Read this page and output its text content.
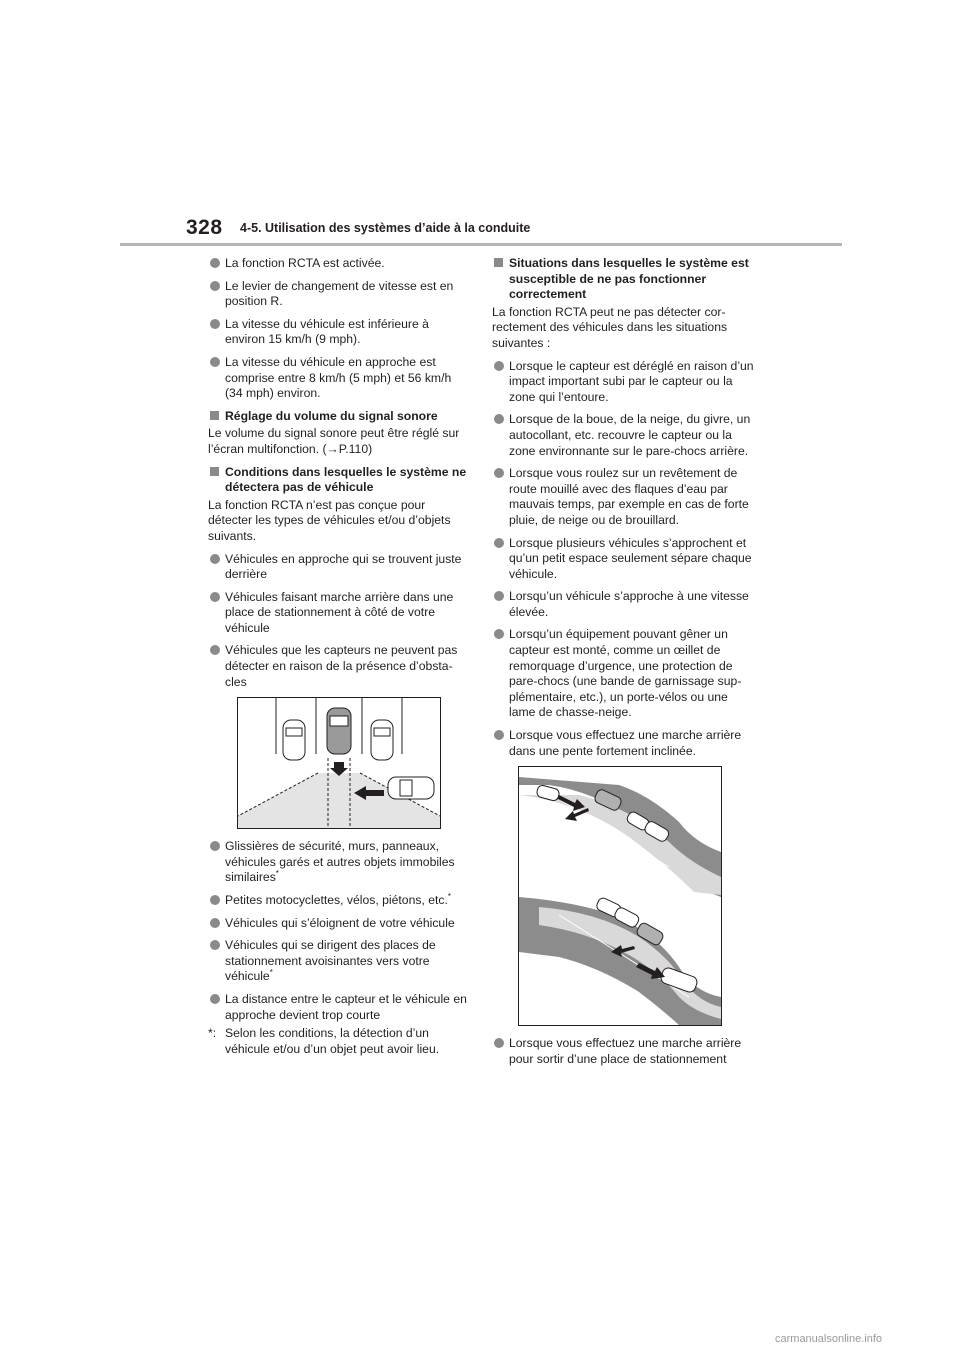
328 4-5. Utilisation des systèmes d’aide à la conduite
La fonction RCTA est activée.
Le levier de changement de vitesse est en position R.
La vitesse du véhicule est inférieure à environ 15 km/h (9 mph).
La vitesse du véhicule en approche est comprise entre 8 km/h (5 mph) et 56 km/h (34 mph) environ.
Réglage du volume du signal sonore
Le volume du signal sonore peut être réglé sur l’écran multifonction. (→P.110)
Conditions dans lesquelles le système ne détectera pas de véhicule
La fonction RCTA n’est pas conçue pour détecter les types de véhicules et/ou d’objets suivants.
Véhicules en approche qui se trouvent juste derrière
Véhicules faisant marche arrière dans une place de stationnement à côté de votre véhicule
Véhicules que les capteurs ne peuvent pas détecter en raison de la présence d’obsta-cles
Glissières de sécurité, murs, panneaux, véhicules garés et autres objets immobiles similaires*
Petites motocyclettes, vélos, piétons, etc.*
Véhicules qui s’éloignent de votre véhicule
Véhicules qui se dirigent des places de stationnement avoisinantes vers votre véhicule*
La distance entre le capteur et le véhicule en approche devient trop courte
*: Selon les conditions, la détection d’un véhicule et/ou d’un objet peut avoir lieu.
Situations dans lesquelles le système est susceptible de ne pas fonctionner correctement
La fonction RCTA peut ne pas détecter cor-rectement des véhicules dans les situations suivantes :
Lorsque le capteur est déréglé en raison d’un impact important subi par le capteur ou la zone qui l’entoure.
Lorsque de la boue, de la neige, du givre, un autocollant, etc. recouvre le capteur ou la zone environnante sur le pare-chocs arrière.
Lorsque vous roulez sur un revêtement de route mouillé avec des flaques d’eau par mauvais temps, par exemple en cas de forte pluie, de neige ou de brouillard.
Lorsque plusieurs véhicules s’approchent et qu’un petit espace seulement sépare chaque véhicule.
Lorsqu’un véhicule s’approche à une vitesse élevée.
Lorsqu’un équipement pouvant gêner un capteur est monté, comme un œillet de remorquage d’urgence, une protection de pare-chocs (une bande de garnissage sup-plémentaire, etc.), un porte-vélos ou une lame de chasse-neige.
Lorsque vous effectuez une marche arrière dans une pente fortement inclinée.
Lorsque vous effectuez une marche arrière pour sortir d’une place de stationnement
carmanualsonline.info
